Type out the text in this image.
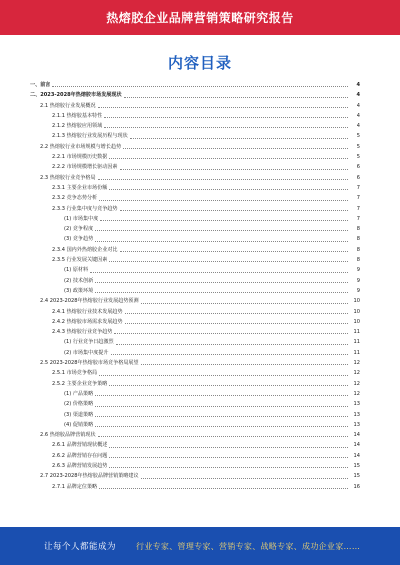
热熔胶企业品牌营销策略研究报告
内容目录
一、前言	4
二、2023-2028年热熔胶市场发展现状	4
2.1 热熔胶行业发展概况	4
2.1.1 热熔胶基本特性	4
2.1.2 热熔胶应用领域	4
2.1.3 热熔胶行业发展历程与现状	5
2.2 热熔胶行业市场规模与增长趋势	5
2.2.1 市场规模历史数据	5
2.2.2 市场规模增长驱动因素	6
2.3 热熔胶行业竞争格局	6
2.3.1 主要企业市场份额	7
2.3.2 竞争态势分析	7
2.3.3 行业集中度与竞争趋势	7
(1) 市场集中度	7
(2) 竞争程度	8
(3) 竞争趋势	8
2.3.4 国内外热熔胶企业对比	8
2.3.5 行业发展关键因素	8
(1) 原材料	9
(2) 技术创新	9
(3) 政策环境	9
2.4 2023-2028年热熔胶行业发展趋势预测	10
2.4.1 热熔胶行业技术发展趋势	10
2.4.2 热熔胶市场需求发展趋势	10
2.4.3 热熔胶行业竞争趋势	11
(1) 行业竞争日趋激烈	11
(2) 市场集中度提升	11
2.5 2023-2028年热熔胶市场竞争格局展望	12
2.5.1 市场竞争格局	12
2.5.2 主要企业竞争策略	12
(1) 产品策略	12
(2) 价格策略	13
(3) 渠道策略	13
(4) 促销策略	13
2.6 热熔胶品牌营销现状	14
2.6.1 品牌营销现状概述	14
2.6.2 品牌营销存在问题	14
2.6.3 品牌营销发展趋势	15
2.7 2023-2028年热熔胶品牌营销策略建议	15
2.7.1 品牌定位策略	16
让每个人都能成为	行业专家、管理专家、营销专家、战略专家、成功企业家……
